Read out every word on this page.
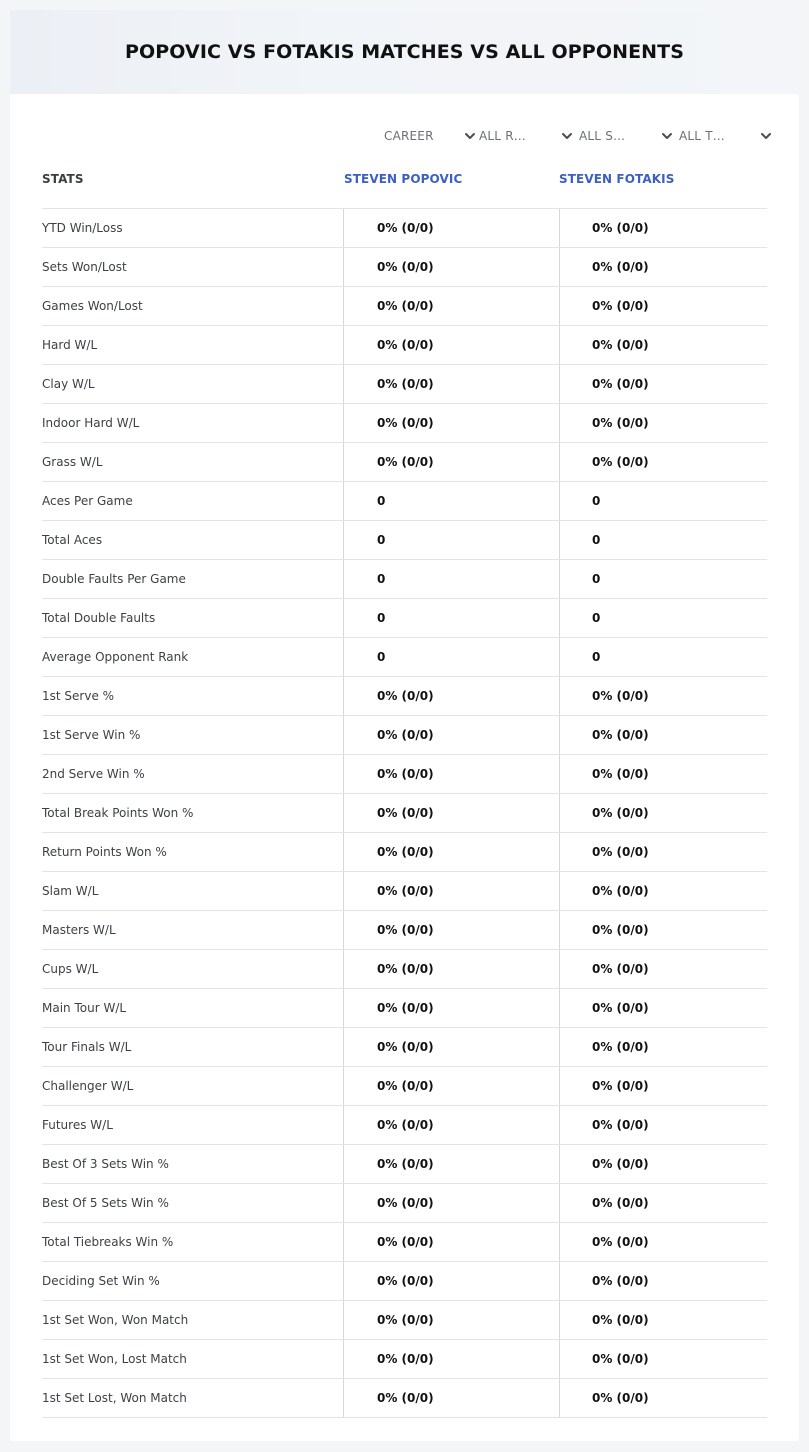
POPOVIC VS FOTAKIS MATCHES VS ALL OPPONENTS
CAREER	ALL R…	ALL S…	ALL T…
STATS	STEVEN POPOVIC	STEVEN FOTAKIS
YTD Win/Loss	0% (0/0)	0% (0/0)
Sets Won/Lost	0% (0/0)	0% (0/0)
Games Won/Lost	0% (0/0)	0% (0/0)
Hard W/L	0% (0/0)	0% (0/0)
Clay W/L	0% (0/0)	0% (0/0)
Indoor Hard W/L	0% (0/0)	0% (0/0)
Grass W/L	0% (0/0)	0% (0/0)
Aces Per Game	0	0
Total Aces	0	0
Double Faults Per Game	0	0
Total Double Faults	0	0
Average Opponent Rank	0	0
1st Serve %	0% (0/0)	0% (0/0)
1st Serve Win %	0% (0/0)	0% (0/0)
2nd Serve Win %	0% (0/0)	0% (0/0)
Total Break Points Won %	0% (0/0)	0% (0/0)
Return Points Won %	0% (0/0)	0% (0/0)
Slam W/L	0% (0/0)	0% (0/0)
Masters W/L	0% (0/0)	0% (0/0)
Cups W/L	0% (0/0)	0% (0/0)
Main Tour W/L	0% (0/0)	0% (0/0)
Tour Finals W/L	0% (0/0)	0% (0/0)
Challenger W/L	0% (0/0)	0% (0/0)
Futures W/L	0% (0/0)	0% (0/0)
Best Of 3 Sets Win %	0% (0/0)	0% (0/0)
Best Of 5 Sets Win %	0% (0/0)	0% (0/0)
Total Tiebreaks Win %	0% (0/0)	0% (0/0)
Deciding Set Win %	0% (0/0)	0% (0/0)
1st Set Won, Won Match	0% (0/0)	0% (0/0)
1st Set Won, Lost Match	0% (0/0)	0% (0/0)
1st Set Lost, Won Match	0% (0/0)	0% (0/0)
